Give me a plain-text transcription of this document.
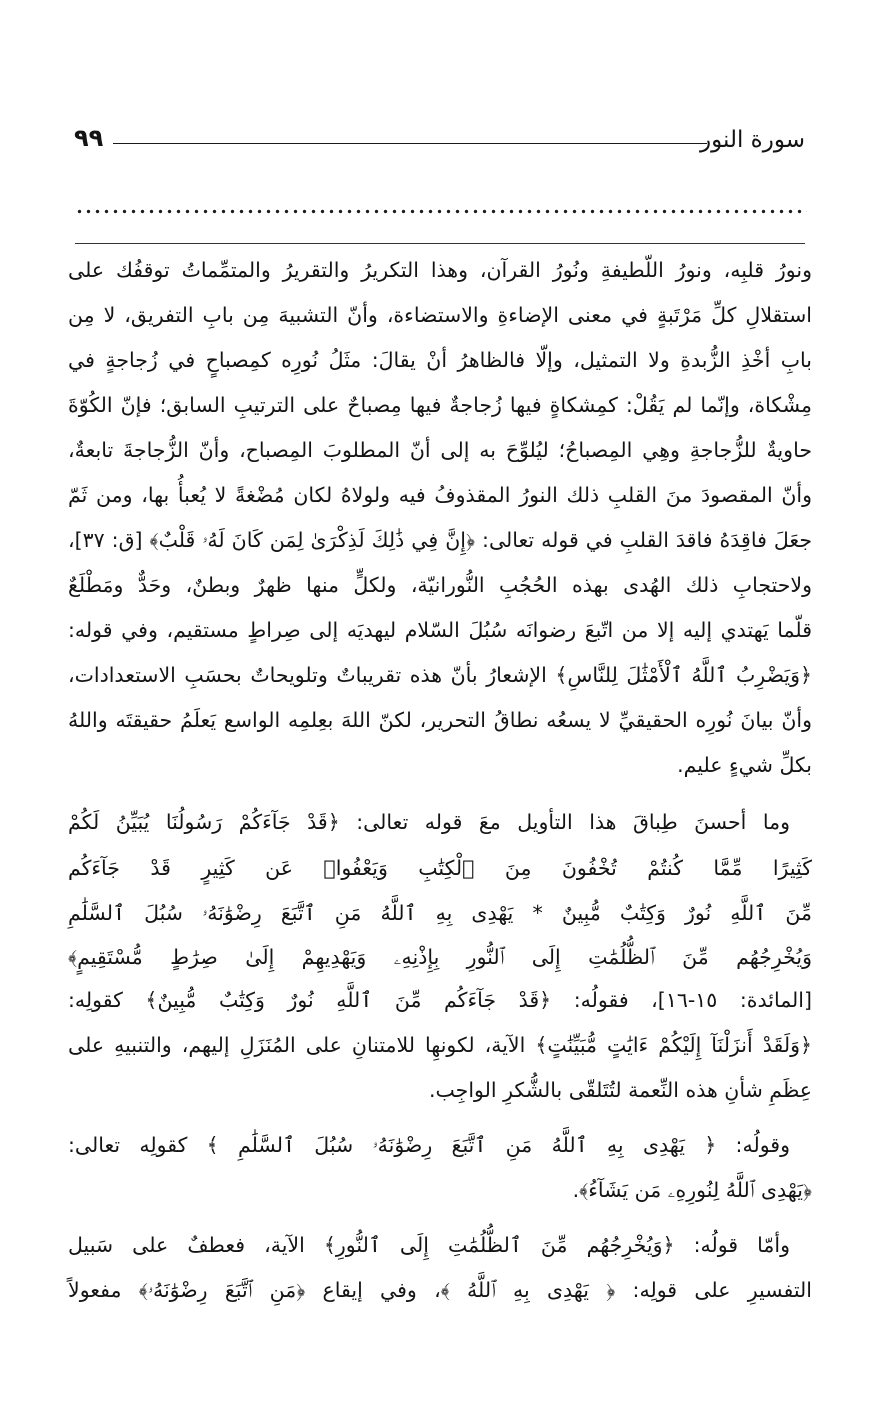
سورة النور
٩٩
ونورُ قلبِه، ونورُ اللّطيفةِ ونُورُ القرآن، وهذا التكريرُ والتقريرُ والمتمِّماتُ توقفُك على
استقلالِ كلِّ مَرْتَبةٍ في معنى الإضاءةِ والاستضاءة، وأنّ التشبيهَ مِن بابِ التفريق، لا مِن
بابِ أخْذِ الزُّبدةِ ولا التمثيل، وإلّا فالظاهرُ أنْ يقالَ: مثَلُ نُورِه كمِصباحٍ في زُجاجةٍ في
مِشْكاة، وإنّما لم يَقُلْ: كمِشكاةٍ فيها زُجاجةٌ فيها مِصباحٌ على الترتيبِ السابق؛ فإنّ الكُوّةَ
حاويةٌ للزُّجاجةِ وهِي المِصباحُ؛ ليُلوِّحَ به إلى أنّ المطلوبَ المِصباح، وأنّ الزُّجاجةَ تابعةٌ،
وأنّ المقصودَ منَ القلبِ ذلك النورُ المقذوفُ فيه ولولاهُ لكان مُضْغةً لا يُعبأُ بها، ومن ثَمّ
جعَلَ فاقِدَهُ فاقدَ القلبِ في قوله تعالى: ﴿إِنَّ فِي ذَٰلِكَ لَذِكْرَىٰ لِمَن كَانَ لَهُۥ قَلْبٌ﴾ [ق: ٣٧]،
ولاحتجابِ ذلك الهُدى بهذه الحُجُبِ النُّورانيّة، ولكلٍّ منها ظهرٌ وبطنٌ، وحَدٌّ ومَطْلَعٌ
قلّما يَهتدي إليه إلا من اتّبعَ رضوانَه سُبُلَ السّلام ليهديَه إلى صِراطٍ مستقيم، وفي قوله:
﴿وَيَضْرِبُ ٱللَّهُ ٱلْأَمْثَٰلَ لِلنَّاسِ﴾ الإشعارُ بأنّ هذه تقريباتٌ وتلويحاتٌ بحسَبِ الاستعدادات،
وأنّ بيانَ نُورِه الحقيقيِّ لا يسعُه نطاقُ التحرير، لكنّ اللهَ بعِلمِه الواسع يَعلَمُ حقيقتَه واللهُ
بكلِّ شيءٍ عليم.
وما أحسنَ طِباقَ هذا التأويل معَ قوله تعالى: ﴿قَدْ جَآءَكُمْ رَسُولُنَا يُبَيِّنُ لَكُمْ
كَثِيرًا مِّمَّا كُنتُمْ تُخْفُونَ مِنَ ٱلْكِتَٰبِ وَيَعْفُوا۟ عَن كَثِيرٍ قَدْ جَآءَكُم
مِّنَ ٱللَّهِ نُورٌ وَكِتَٰبٌ مُّبِينٌ * يَهْدِى بِهِ ٱللَّهُ مَنِ ٱتَّبَعَ رِضْوَٰنَهُۥ سُبُلَ ٱلسَّلَٰمِ
وَيُخْرِجُهُم مِّنَ ٱلظُّلُمَٰتِ إِلَى ٱلنُّورِ بِإِذْنِهِۦ وَيَهْدِيهِمْ إِلَىٰ صِرَٰطٍ مُّسْتَقِيمٍ﴾
[المائدة: ١٥-١٦]، فقولُه: ﴿قَدْ جَآءَكُم مِّنَ ٱللَّهِ نُورٌ وَكِتَٰبٌ مُّبِينٌ﴾ كقولِه:
﴿وَلَقَدْ أَنزَلْنَآ إِلَيْكُمْ ءَايَٰتٍ مُّبَيِّنَٰتٍ﴾ الآية، لكونهِا للامتنانِ على المُنَزَلِ إليهم، والتنبيهِ على
عِظَمِ شأنِ هذه النِّعمة لتُتَلقّى بالشُّكرِ الواجِب.
وقولُه: ﴿ يَهْدِى بِهِ ٱللَّهُ مَنِ ٱتَّبَعَ رِضْوَٰنَهُۥ سُبُلَ ٱلسَّلَٰمِ ﴾ كقولِه تعالى:
﴿يَهْدِى ٱللَّهُ لِنُورِهِۦ مَن يَشَآءُ﴾.
وأمّا قولُه: ﴿وَيُخْرِجُهُم مِّنَ ٱلظُّلُمَٰتِ إِلَى ٱلنُّورِ﴾ الآية، فعطفٌ على سَبيل
التفسيرِ على قولِه: ﴿ يَهْدِى بِهِ ٱللَّهُ ﴾، وفي إيقاع ﴿مَنِ ٱتَّبَعَ رِضْوَٰنَهُۥ﴾ مفعولاً
